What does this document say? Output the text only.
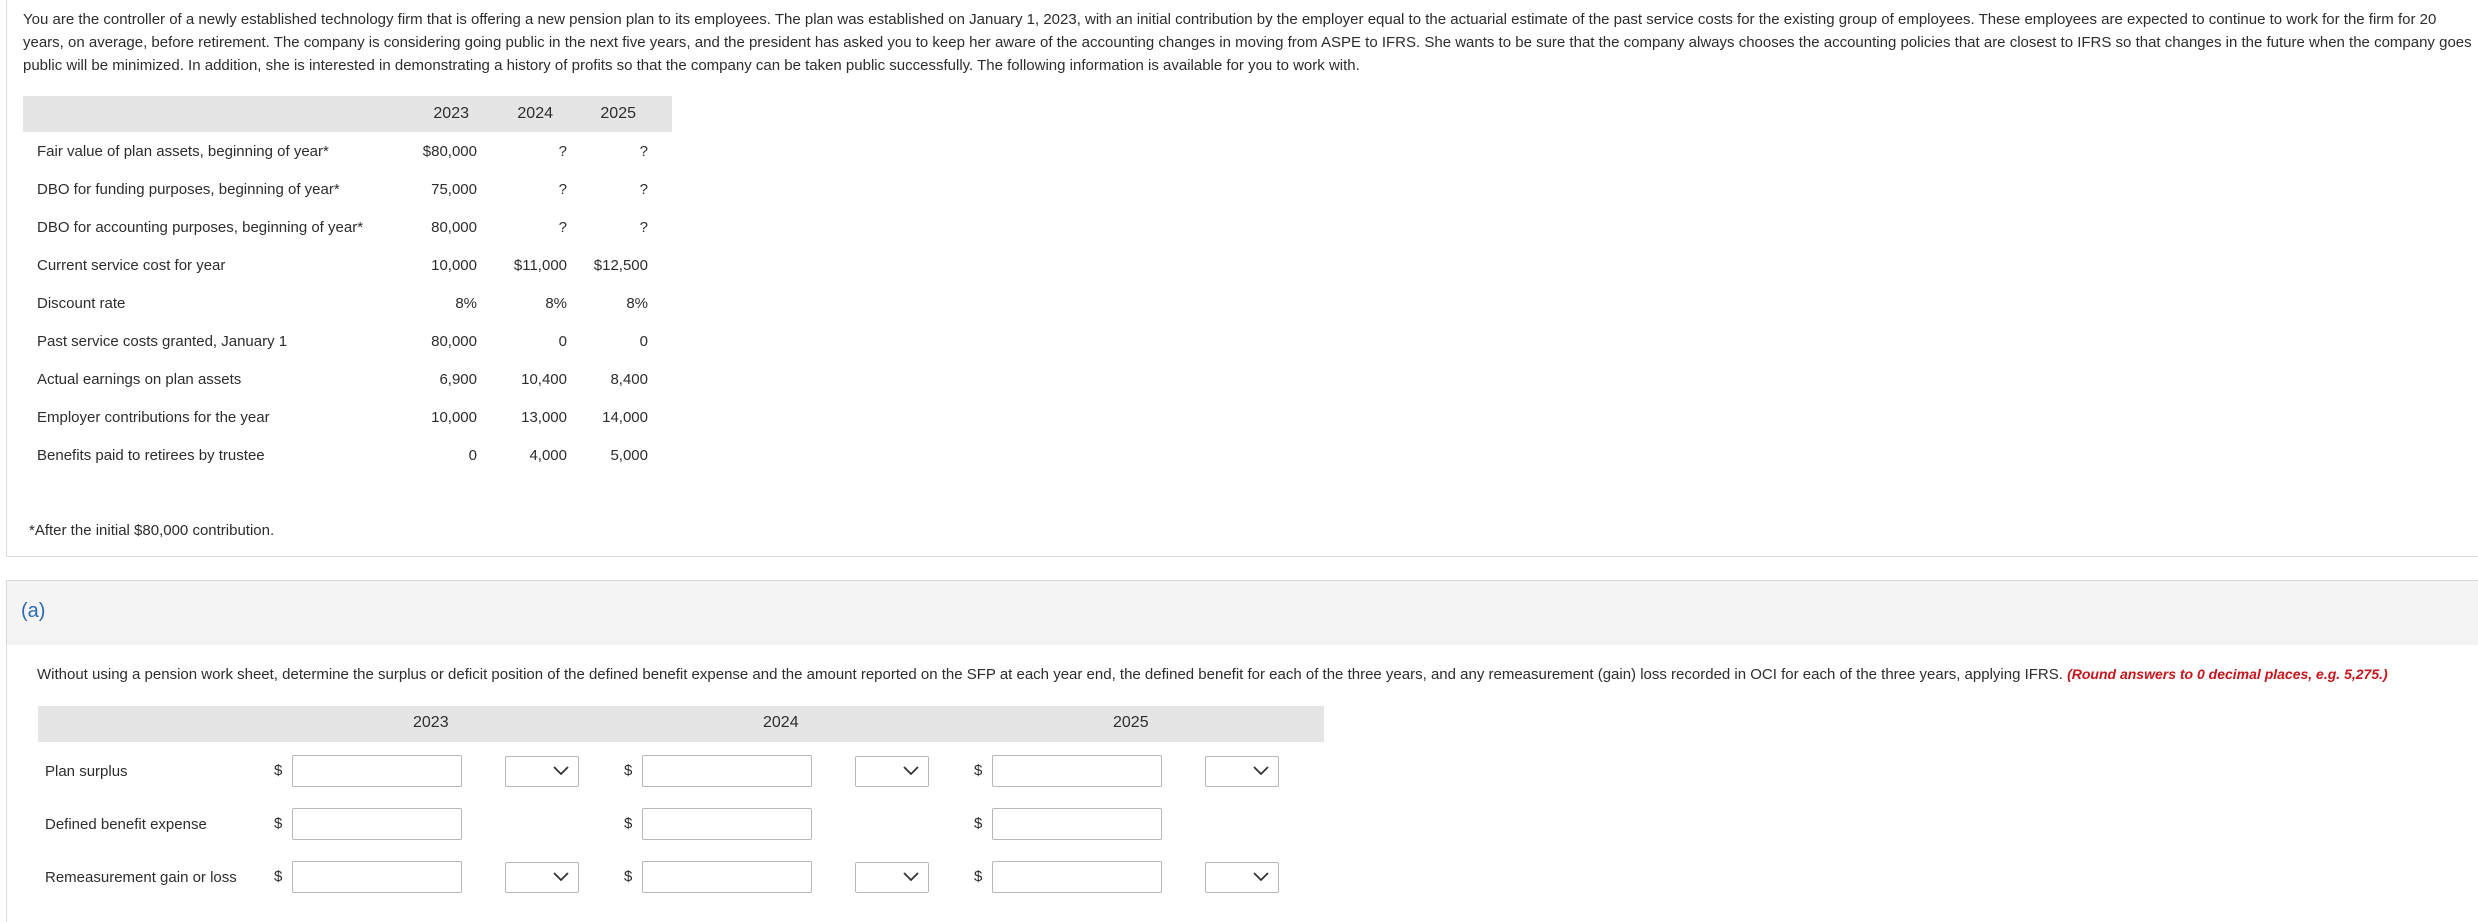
You are the controller of a newly established technology firm that is offering a new pension plan to its employees. The plan was established on January 1, 2023, with an initial contribution by the employer equal to the actuarial estimate of the past service costs for the existing group of employees. These employees are expected to continue to work for the firm for 20 years, on average, before retirement. The company is considering going public in the next five years, and the president has asked you to keep her aware of the accounting changes in moving from ASPE to IFRS. She wants to be sure that the company always chooses the accounting policies that are closest to IFRS so that changes in the future when the company goes public will be minimized. In addition, she is interested in demonstrating a history of profits so that the company can be taken public successfully. The following information is available for you to work with.

	2023	2024	2025
Fair value of plan assets, beginning of year*	$80,000	?	?
DBO for funding purposes, beginning of year*	75,000	?	?
DBO for accounting purposes, beginning of year*	80,000	?	?
Current service cost for year	10,000	$11,000	$12,500
Discount rate	8%	8%	8%
Past service costs granted, January 1	80,000	0	0
Actual earnings on plan assets	6,900	10,400	8,400
Employer contributions for the year	10,000	13,000	14,000
Benefits paid to retirees by trustee	0	4,000	5,000

*After the initial $80,000 contribution.

(a)

Without using a pension work sheet, determine the surplus or deficit position of the defined benefit expense and the amount reported on the SFP at each year end, the defined benefit for each of the three years, and any remeasurement (gain) loss recorded in OCI for each of the three years, applying IFRS. (Round answers to 0 decimal places, e.g. 5,275.)

2023	2024	2025
Plan surplus	$	$	$
Defined benefit expense	$	$	$
Remeasurement gain or loss $	$	$
